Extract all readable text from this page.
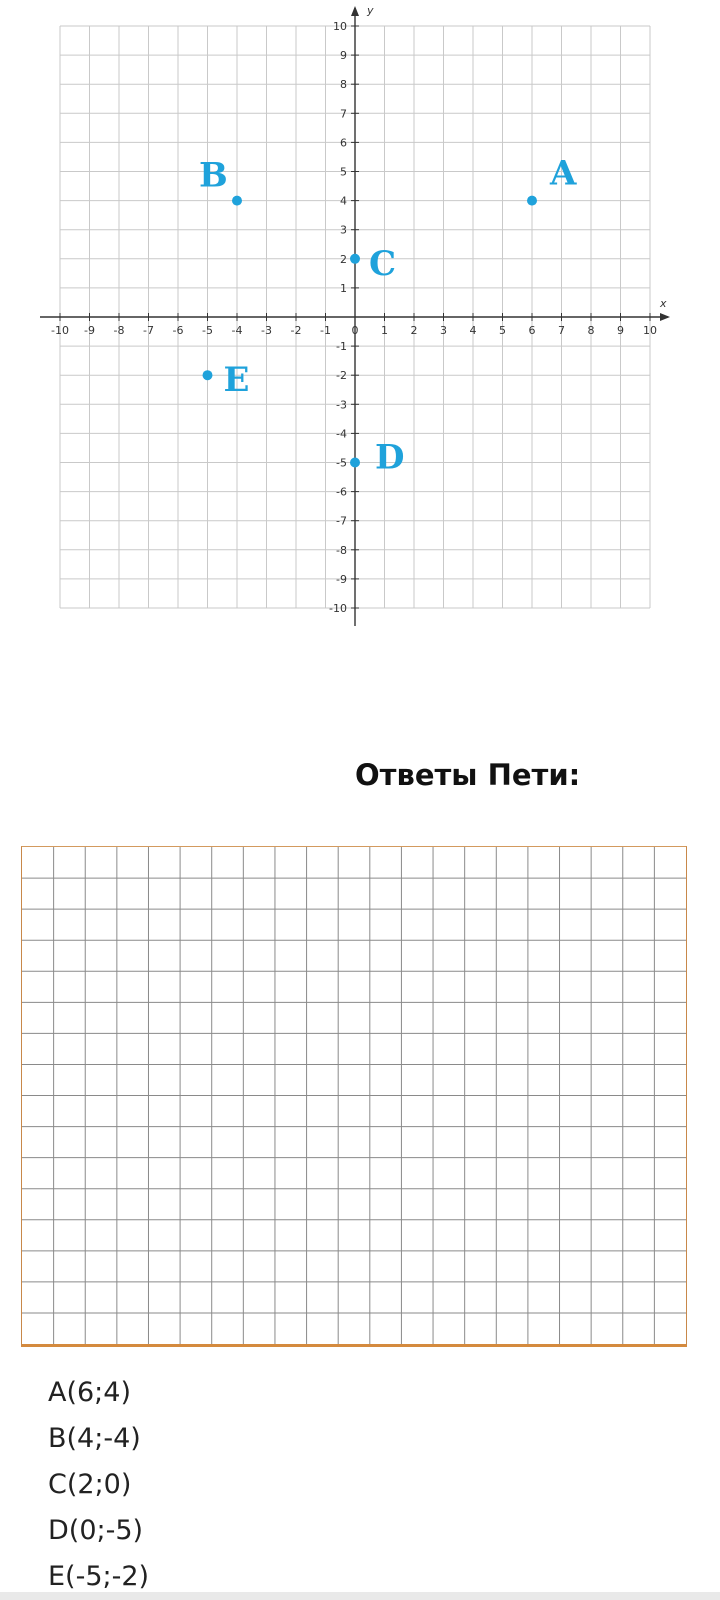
x
y
-10
-10
-9
-9
-8
-8
-7
-7
-6
-6
-5
-5
-4
-4
-3
-3
-2
-2
-1
-1
0 1
1
2
2
3
3
4
4
5
5
6
6
7
7
8
8
9
9
10
10
A
B
C
D
E
Ответы Пети:
A(6;4)
B(4;-4)
C(2;0)
D(0;-5)
E(-5;-2)
